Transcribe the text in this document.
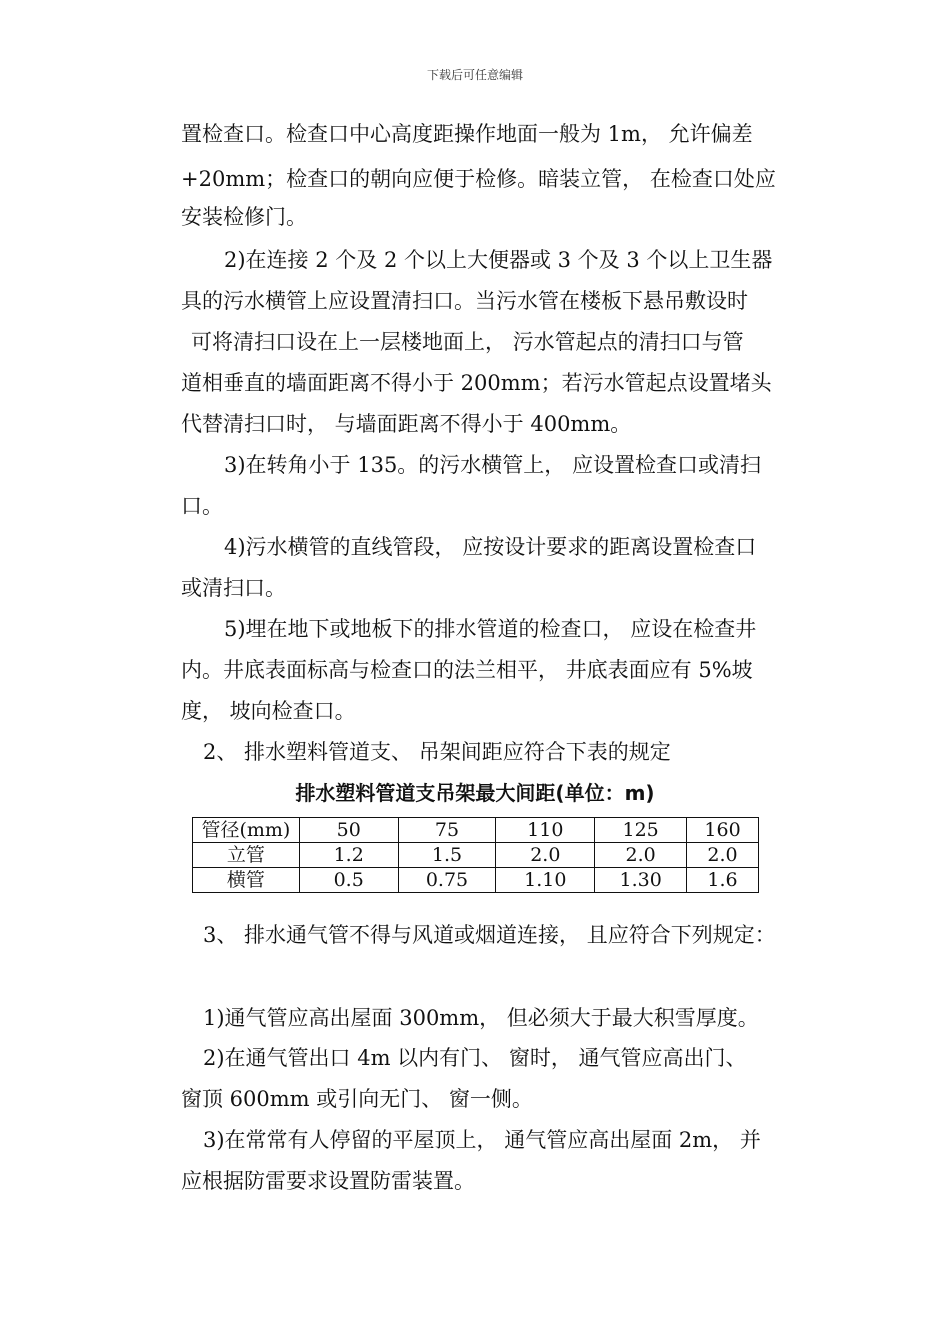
下载后可任意编辑
置检查口。检查口中心高度距操作地面一般为 1m， 允许偏差
+20mm；检查口的朝向应便于检修。暗装立管， 在检查口处应
安装检修门。
2)在连接 2 个及 2 个以上大便器或 3 个及 3 个以上卫生器
具的污水横管上应设置清扫口。当污水管在楼板下悬吊敷设时
可将清扫口设在上一层楼地面上， 污水管起点的清扫口与管
道相垂直的墙面距离不得小于 200mm；若污水管起点设置堵头
代替清扫口时， 与墙面距离不得小于 400mm。
3)在转角小于 135。的污水横管上， 应设置检查口或清扫
口。
4)污水横管的直线管段， 应按设计要求的距离设置检查口
或清扫口。
5)埋在地下或地板下的排水管道的检查口， 应设在检查井
内。井底表面标高与检查口的法兰相平， 井底表面应有 5%坡
度， 坡向检查口。
2、 排水塑料管道支、 吊架间距应符合下表的规定
排水塑料管道支吊架最大间距(单位：m)
管径(mm)	50	75	110	125	160
立管	1.2	1.5	2.0	2.0	2.0
横管	0.5	0.75	1.10	1.30	1.6
3、 排水通气管不得与风道或烟道连接， 且应符合下列规定：
1)通气管应高出屋面 300mm， 但必须大于最大积雪厚度。
2)在通气管出口 4m 以内有门、 窗时， 通气管应高出门、
窗顶 600mm 或引向无门、 窗一侧。
3)在常常有人停留的平屋顶上， 通气管应高出屋面 2m， 并
应根据防雷要求设置防雷装置。
